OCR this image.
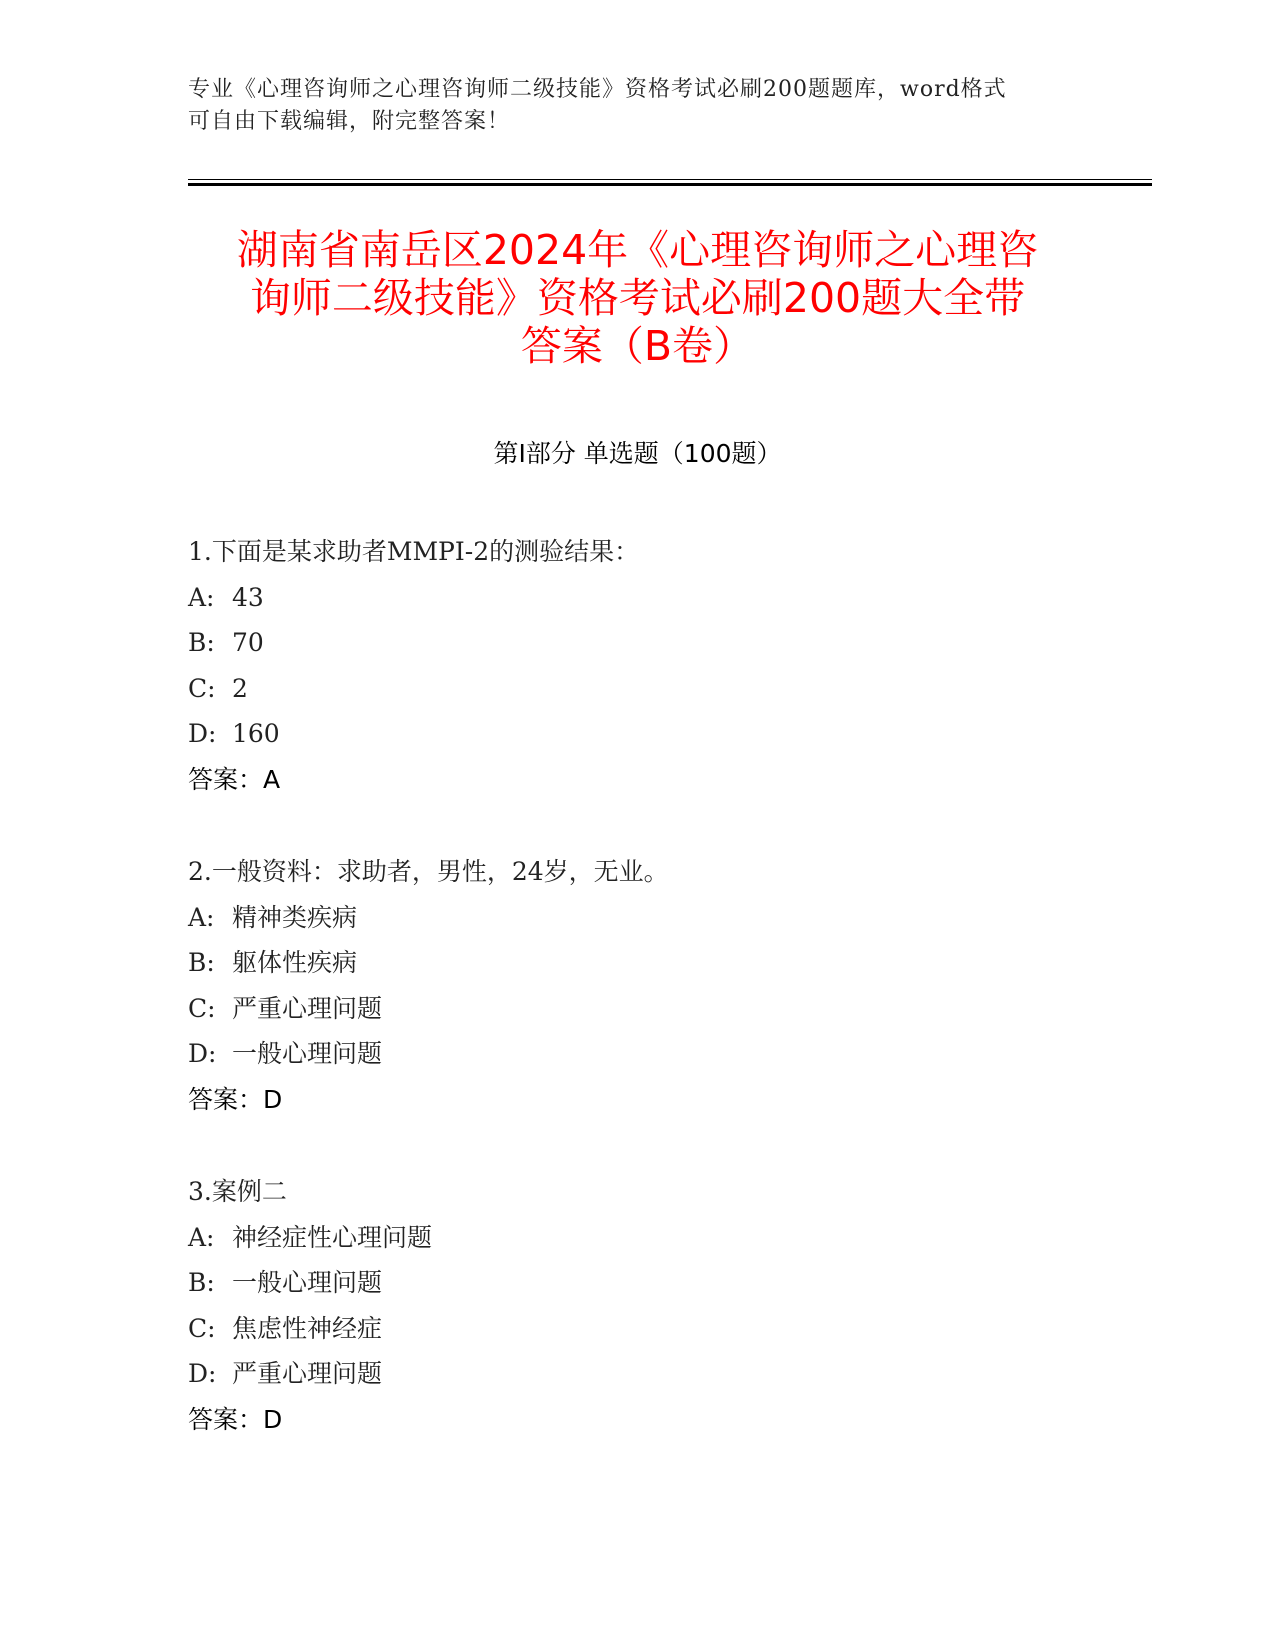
专业《心理咨询师之心理咨询师二级技能》资格考试必刷200题题库，word格式
可自由下载编辑，附完整答案！
湖南省南岳区2024年《心理咨询师之心理咨
询师二级技能》资格考试必刷200题大全带
答案（B卷）
第I部分 单选题（100题）
1.下面是某求助者MMPI-2的测验结果：
A: 43
B: 70
C: 2
D: 160
答案：A
2.一般资料：求助者，男性，24岁，无业。
A: 精神类疾病
B: 躯体性疾病
C: 严重心理问题
D: 一般心理问题
答案：D
3.案例二
A: 神经症性心理问题
B: 一般心理问题
C: 焦虑性神经症
D: 严重心理问题
答案：D
